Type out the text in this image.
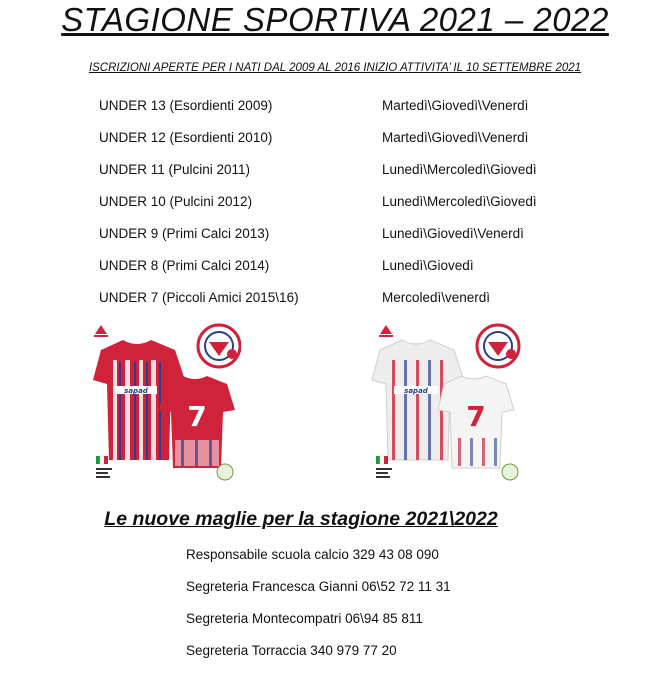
STAGIONE SPORTIVA 2021 – 2022

ISCRIZIONI APERTE PER I NATI DAL 2009 AL 2016 INIZIO ATTIVITA’ IL 10 SETTEMBRE 2021

UNDER 13 (Esordienti 2009)	Martedì\Giovedì\Venerdì
UNDER 12 (Esordienti 2010)	Martedì\Giovedì\Venerdì
UNDER 11 (Pulcini 2011)	Lunedì\Mercoledì\Giovedì
UNDER 10 (Pulcini 2012)	Lunedì\Mercoledì\Giovedì
UNDER 9 (Primi Calci 2013)	Lunedì\Giovedì\Venerdì
UNDER 8 (Primi Calci 2014)	Lunedì\Giovedì
UNDER 7 (Piccoli Amici 2015\16)	Mercoledì\venerdì
sapad
7
sapad
7

Le nuove maglie per la stagione 2021\2022

Responsabile scuola calcio 329 43 08 090
Segreteria Francesca Gianni 06\52 72 11 31
Segreteria Montecompatri 06\94 85 811
Segreteria Torraccia 340 979 77 20
